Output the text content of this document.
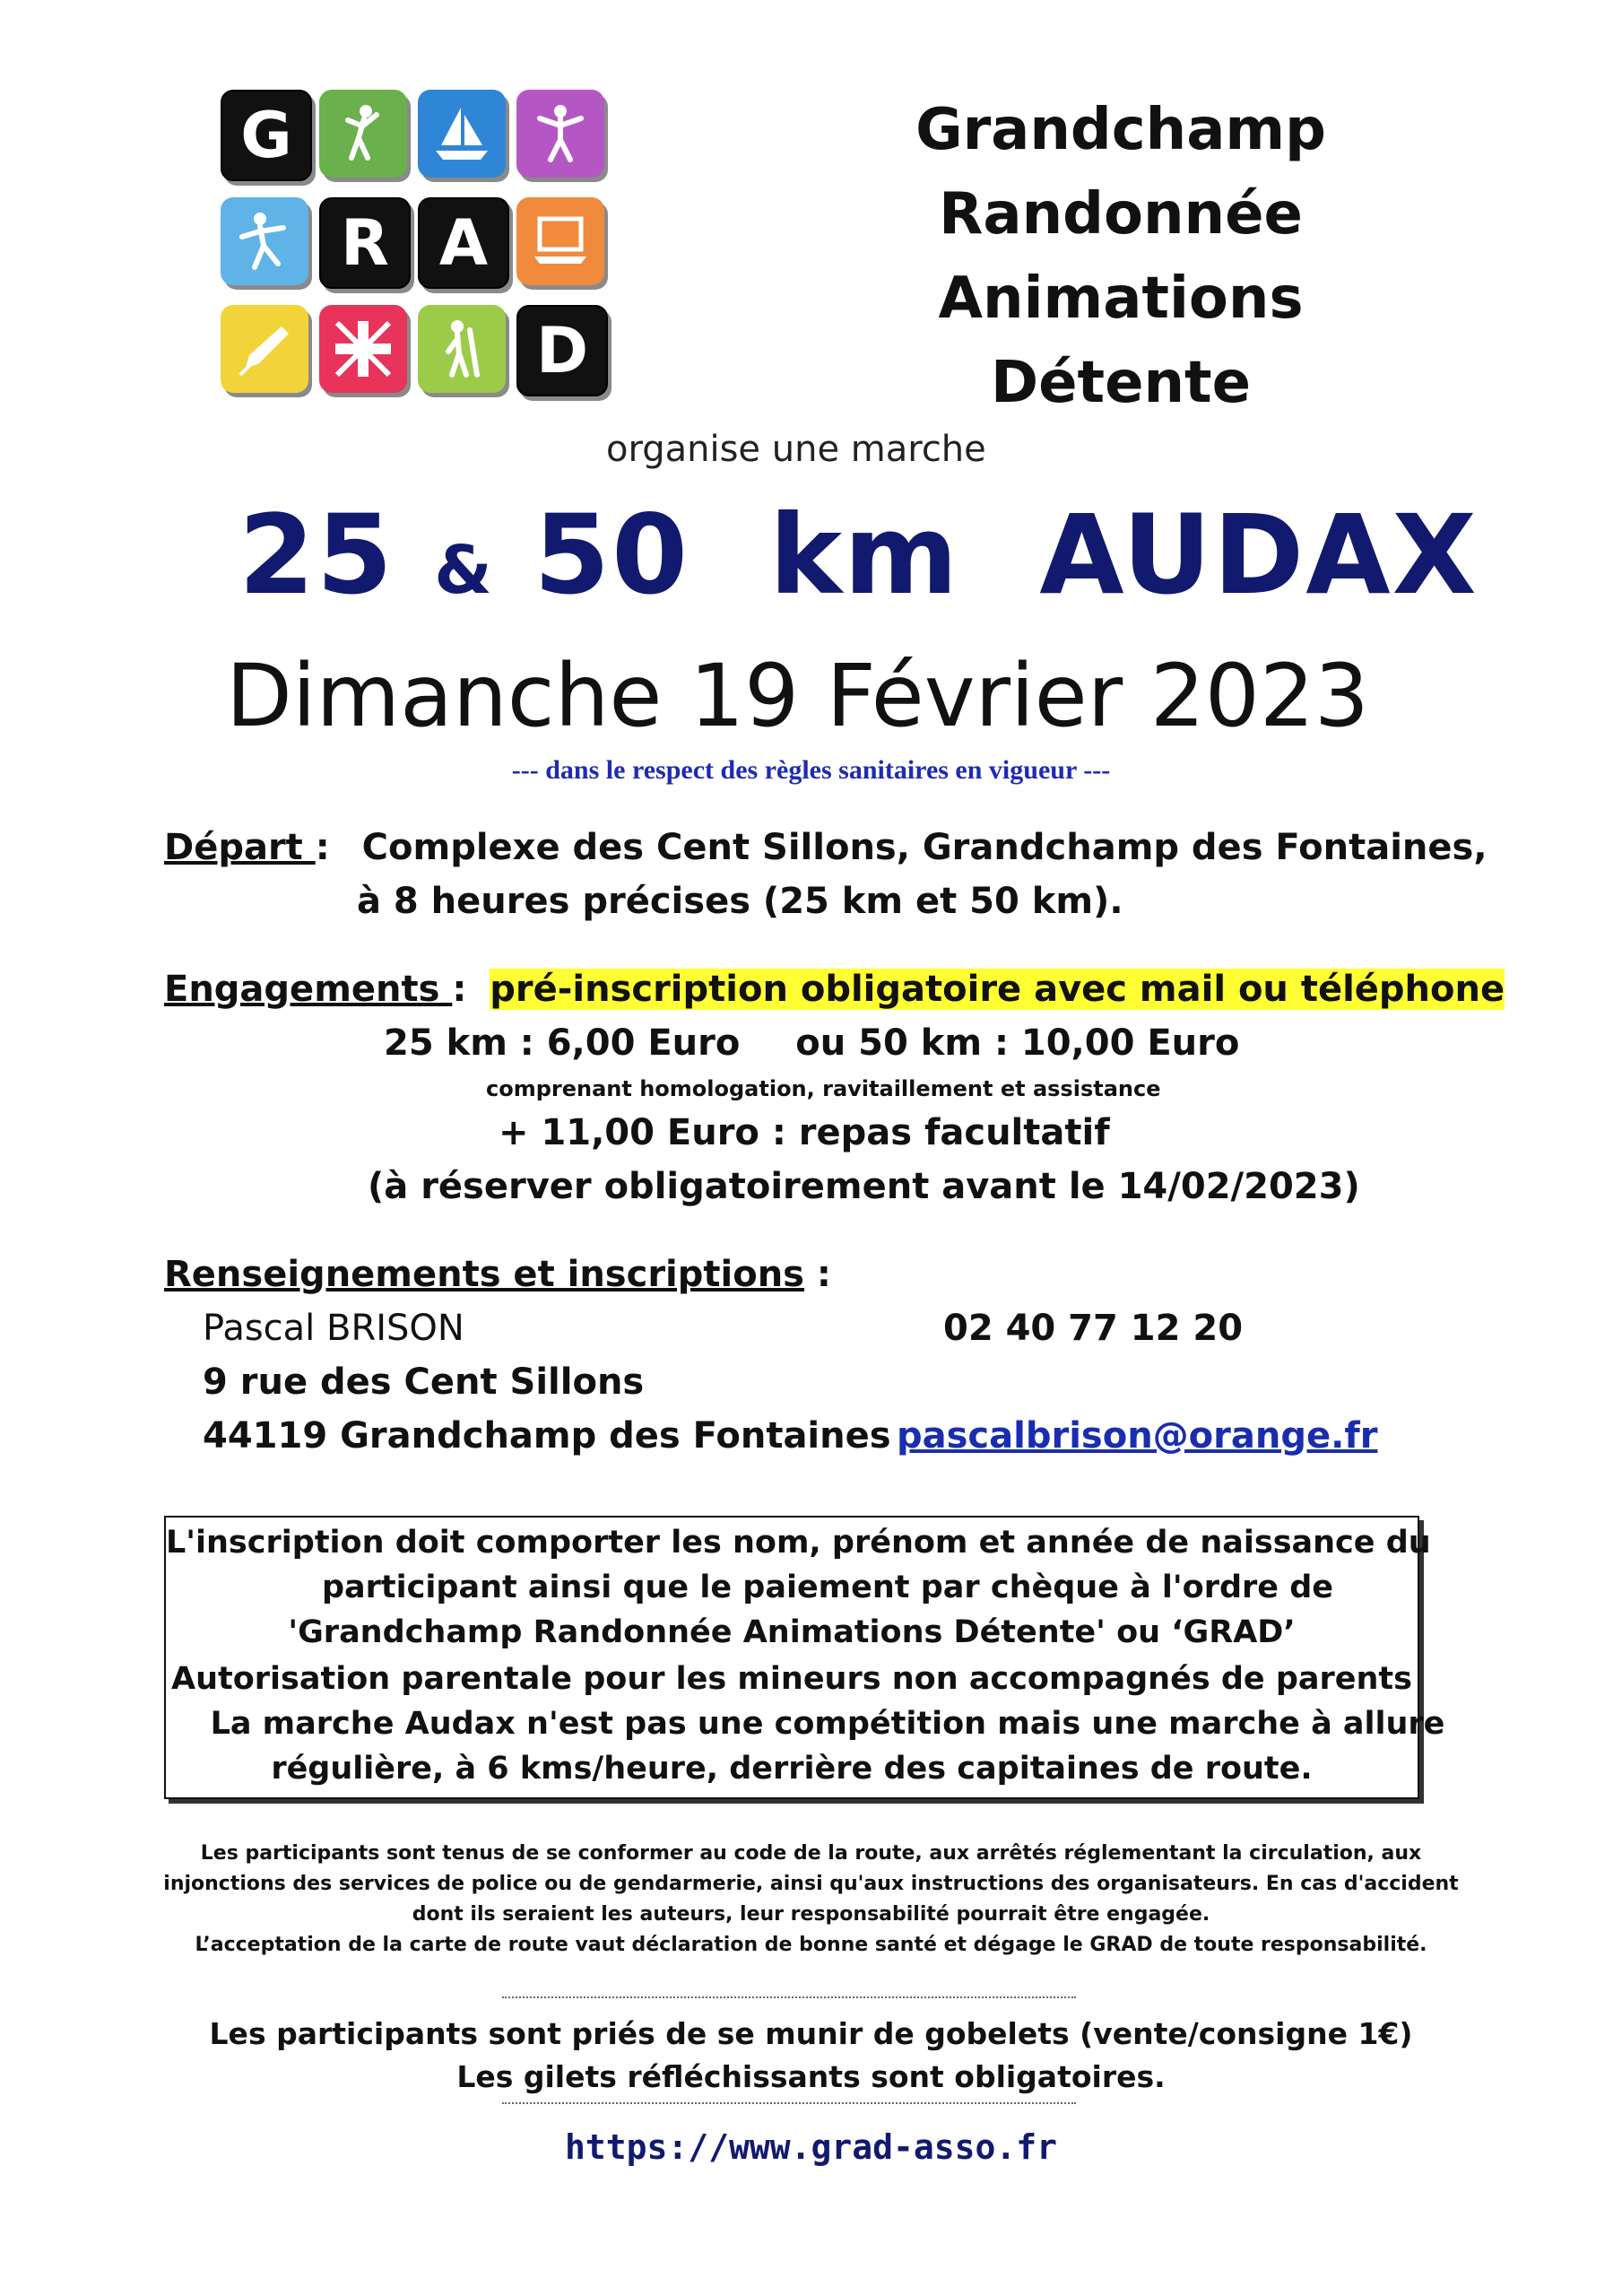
G
R A
D
Grandchamp
Randonnée
Animations
Détente
organise une marche
25 & 50 km AUDAX
Dimanche 19 Février 2023
--- dans le respect des règles sanitaires en vigueur ---
Départ : Complexe des Cent Sillons, Grandchamp des Fontaines,
à 8 heures précises (25 km et 50 km).
Engagements : pré-inscription obligatoire avec mail ou téléphone
25 km : 6,00 Euro ou 50 km : 10,00 Euro
comprenant homologation, ravitaillement et assistance
+ 11,00 Euro : repas facultatif
(à réserver obligatoirement avant le 14/02/2023)
Renseignements et inscriptions :
Pascal BRISON	02 40 77 12 20
9 rue des Cent Sillons
44119 Grandchamp des Fontaines pascalbrison@orange.fr
L'inscription doit comporter les nom, prénom et année de naissance du
participant ainsi que le paiement par chèque à l'ordre de
'Grandchamp Randonnée Animations Détente' ou ‘GRAD’
Autorisation parentale pour les mineurs non accompagnés de parents
La marche Audax n'est pas une compétition mais une marche à allure
régulière, à 6 kms/heure, derrière des capitaines de route.
Les participants sont tenus de se conformer au code de la route, aux arrêtés réglementant la circulation, aux
injonctions des services de police ou de gendarmerie, ainsi qu'aux instructions des organisateurs. En cas d'accident
dont ils seraient les auteurs, leur responsabilité pourrait être engagée.
L’acceptation de la carte de route vaut déclaration de bonne santé et dégage le GRAD de toute responsabilité.
Les participants sont priés de se munir de gobelets (vente/consigne 1€)
Les gilets réfléchissants sont obligatoires.
https://www.grad-asso.fr
